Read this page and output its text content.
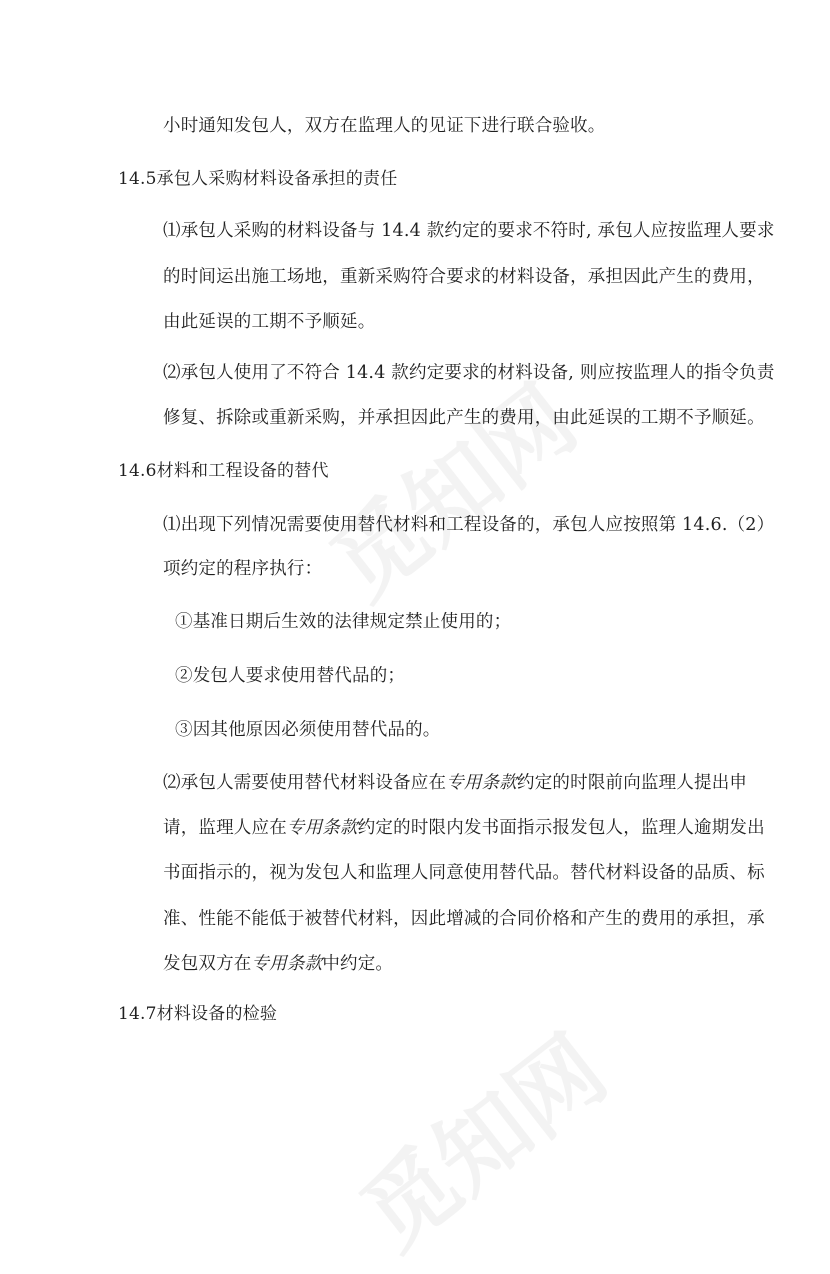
小时通知发包人，双方在监理人的见证下进行联合验收。
14.5承包人采购材料设备承担的责任
⑴承包人采购的材料设备与 14.4 款约定的要求不符时, 承包人应按监理人要求
的时间运出施工场地，重新采购符合要求的材料设备，承担因此产生的费用，
由此延误的工期不予顺延。
⑵承包人使用了不符合 14.4 款约定要求的材料设备, 则应按监理人的指令负责
修复、拆除或重新采购，并承担因此产生的费用，由此延误的工期不予顺延。
14.6材料和工程设备的替代
⑴出现下列情况需要使用替代材料和工程设备的，承包人应按照第 14.6.（2）
项约定的程序执行：
①基准日期后生效的法律规定禁止使用的；
②发包人要求使用替代品的；
③因其他原因必须使用替代品的。
⑵承包人需要使用替代材料设备应在专用条款约定的时限前向监理人提出申
请，监理人应在专用条款约定的时限内发书面指示报发包人，监理人逾期发出
书面指示的，视为发包人和监理人同意使用替代品。替代材料设备的品质、标
准、性能不能低于被替代材料，因此增减的合同价格和产生的费用的承担，承
发包双方在专用条款中约定。
14.7材料设备的检验
